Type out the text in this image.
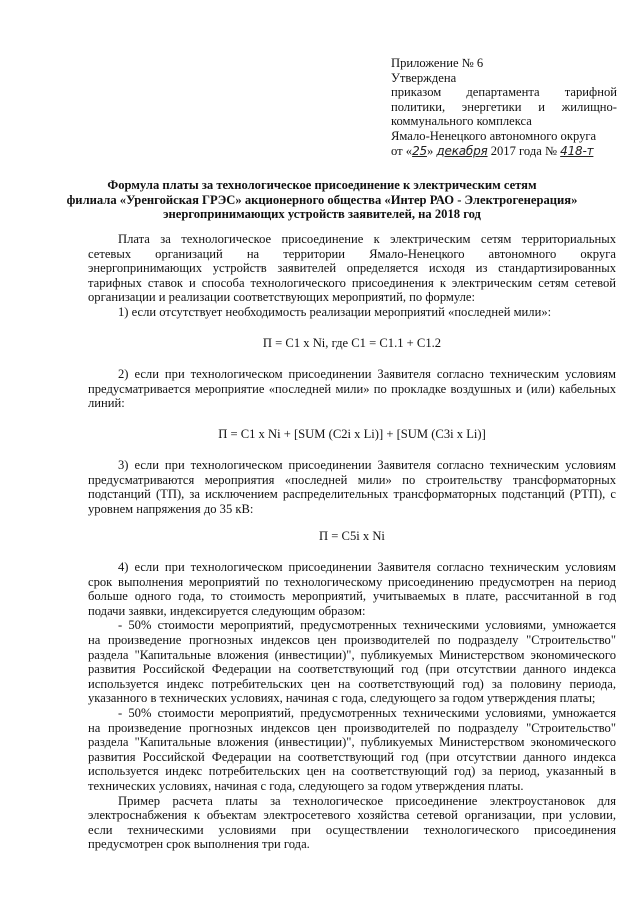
Приложение № 6
Утверждена
приказом департамента тарифной
политики, энергетики и жилищно-
коммунального комплекса
Ямало-Ненецкого автономного округа
от «25» декабря 2017 года № 418-т
Формула платы за технологическое присоединение к электрическим сетям
филиала «Уренгойская ГРЭС» акционерного общества «Интер РАО - Электрогенерация»
энергопринимающих устройств заявителей, на 2018 год
Плата за технологическое присоединение к электрическим сетям территориальных
сетевых организаций на территории Ямало-Ненецкого автономного округа
энергопринимающих устройств заявителей определяется исходя из стандартизированных
тарифных ставок и способа технологического присоединения к электрическим сетям сетевой
организации и реализации соответствующих мероприятий, по формуле:
1) если отсутствует необходимость реализации мероприятий «последней мили»:
П = С1 х Ni, где С1 = С1.1 + С1.2
2) если при технологическом присоединении Заявителя согласно техническим условиям
предусматривается мероприятие «последней мили» по прокладке воздушных и (или) кабельных
линий:
П = С1 х Ni + [SUM (C2i x Li)] + [SUM (C3i x Li)]
3) если при технологическом присоединении Заявителя согласно техническим условиям
предусматриваются мероприятия «последней мили» по строительству трансформаторных
подстанций (ТП), за исключением распределительных трансформаторных подстанций (РТП), с
уровнем напряжения до 35 кВ:
П = C5i x Ni
4) если при технологическом присоединении Заявителя согласно техническим условиям
срок выполнения мероприятий по технологическому присоединению предусмотрен на период
больше одного года, то стоимость мероприятий, учитываемых в плате, рассчитанной в год
подачи заявки, индексируется следующим образом:
- 50% стоимости мероприятий, предусмотренных техническими условиями, умножается
на произведение прогнозных индексов цен производителей по подразделу "Строительство"
раздела "Капитальные вложения (инвестиции)", публикуемых Министерством экономического
развития Российской Федерации на соответствующий год (при отсутствии данного индекса
используется индекс потребительских цен на соответствующий год) за половину периода,
указанного в технических условиях, начиная с года, следующего за годом утверждения платы;
- 50% стоимости мероприятий, предусмотренных техническими условиями, умножается
на произведение прогнозных индексов цен производителей по подразделу "Строительство"
раздела "Капитальные вложения (инвестиции)", публикуемых Министерством экономического
развития Российской Федерации на соответствующий год (при отсутствии данного индекса
используется индекс потребительских цен на соответствующий год) за период, указанный в
технических условиях, начиная с года, следующего за годом утверждения платы.
Пример расчета платы за технологическое присоединение электроустановок для
электроснабжения к объектам электросетевого хозяйства сетевой организации, при условии,
если техническими условиями при осуществлении технологического присоединения
предусмотрен срок выполнения три года.
